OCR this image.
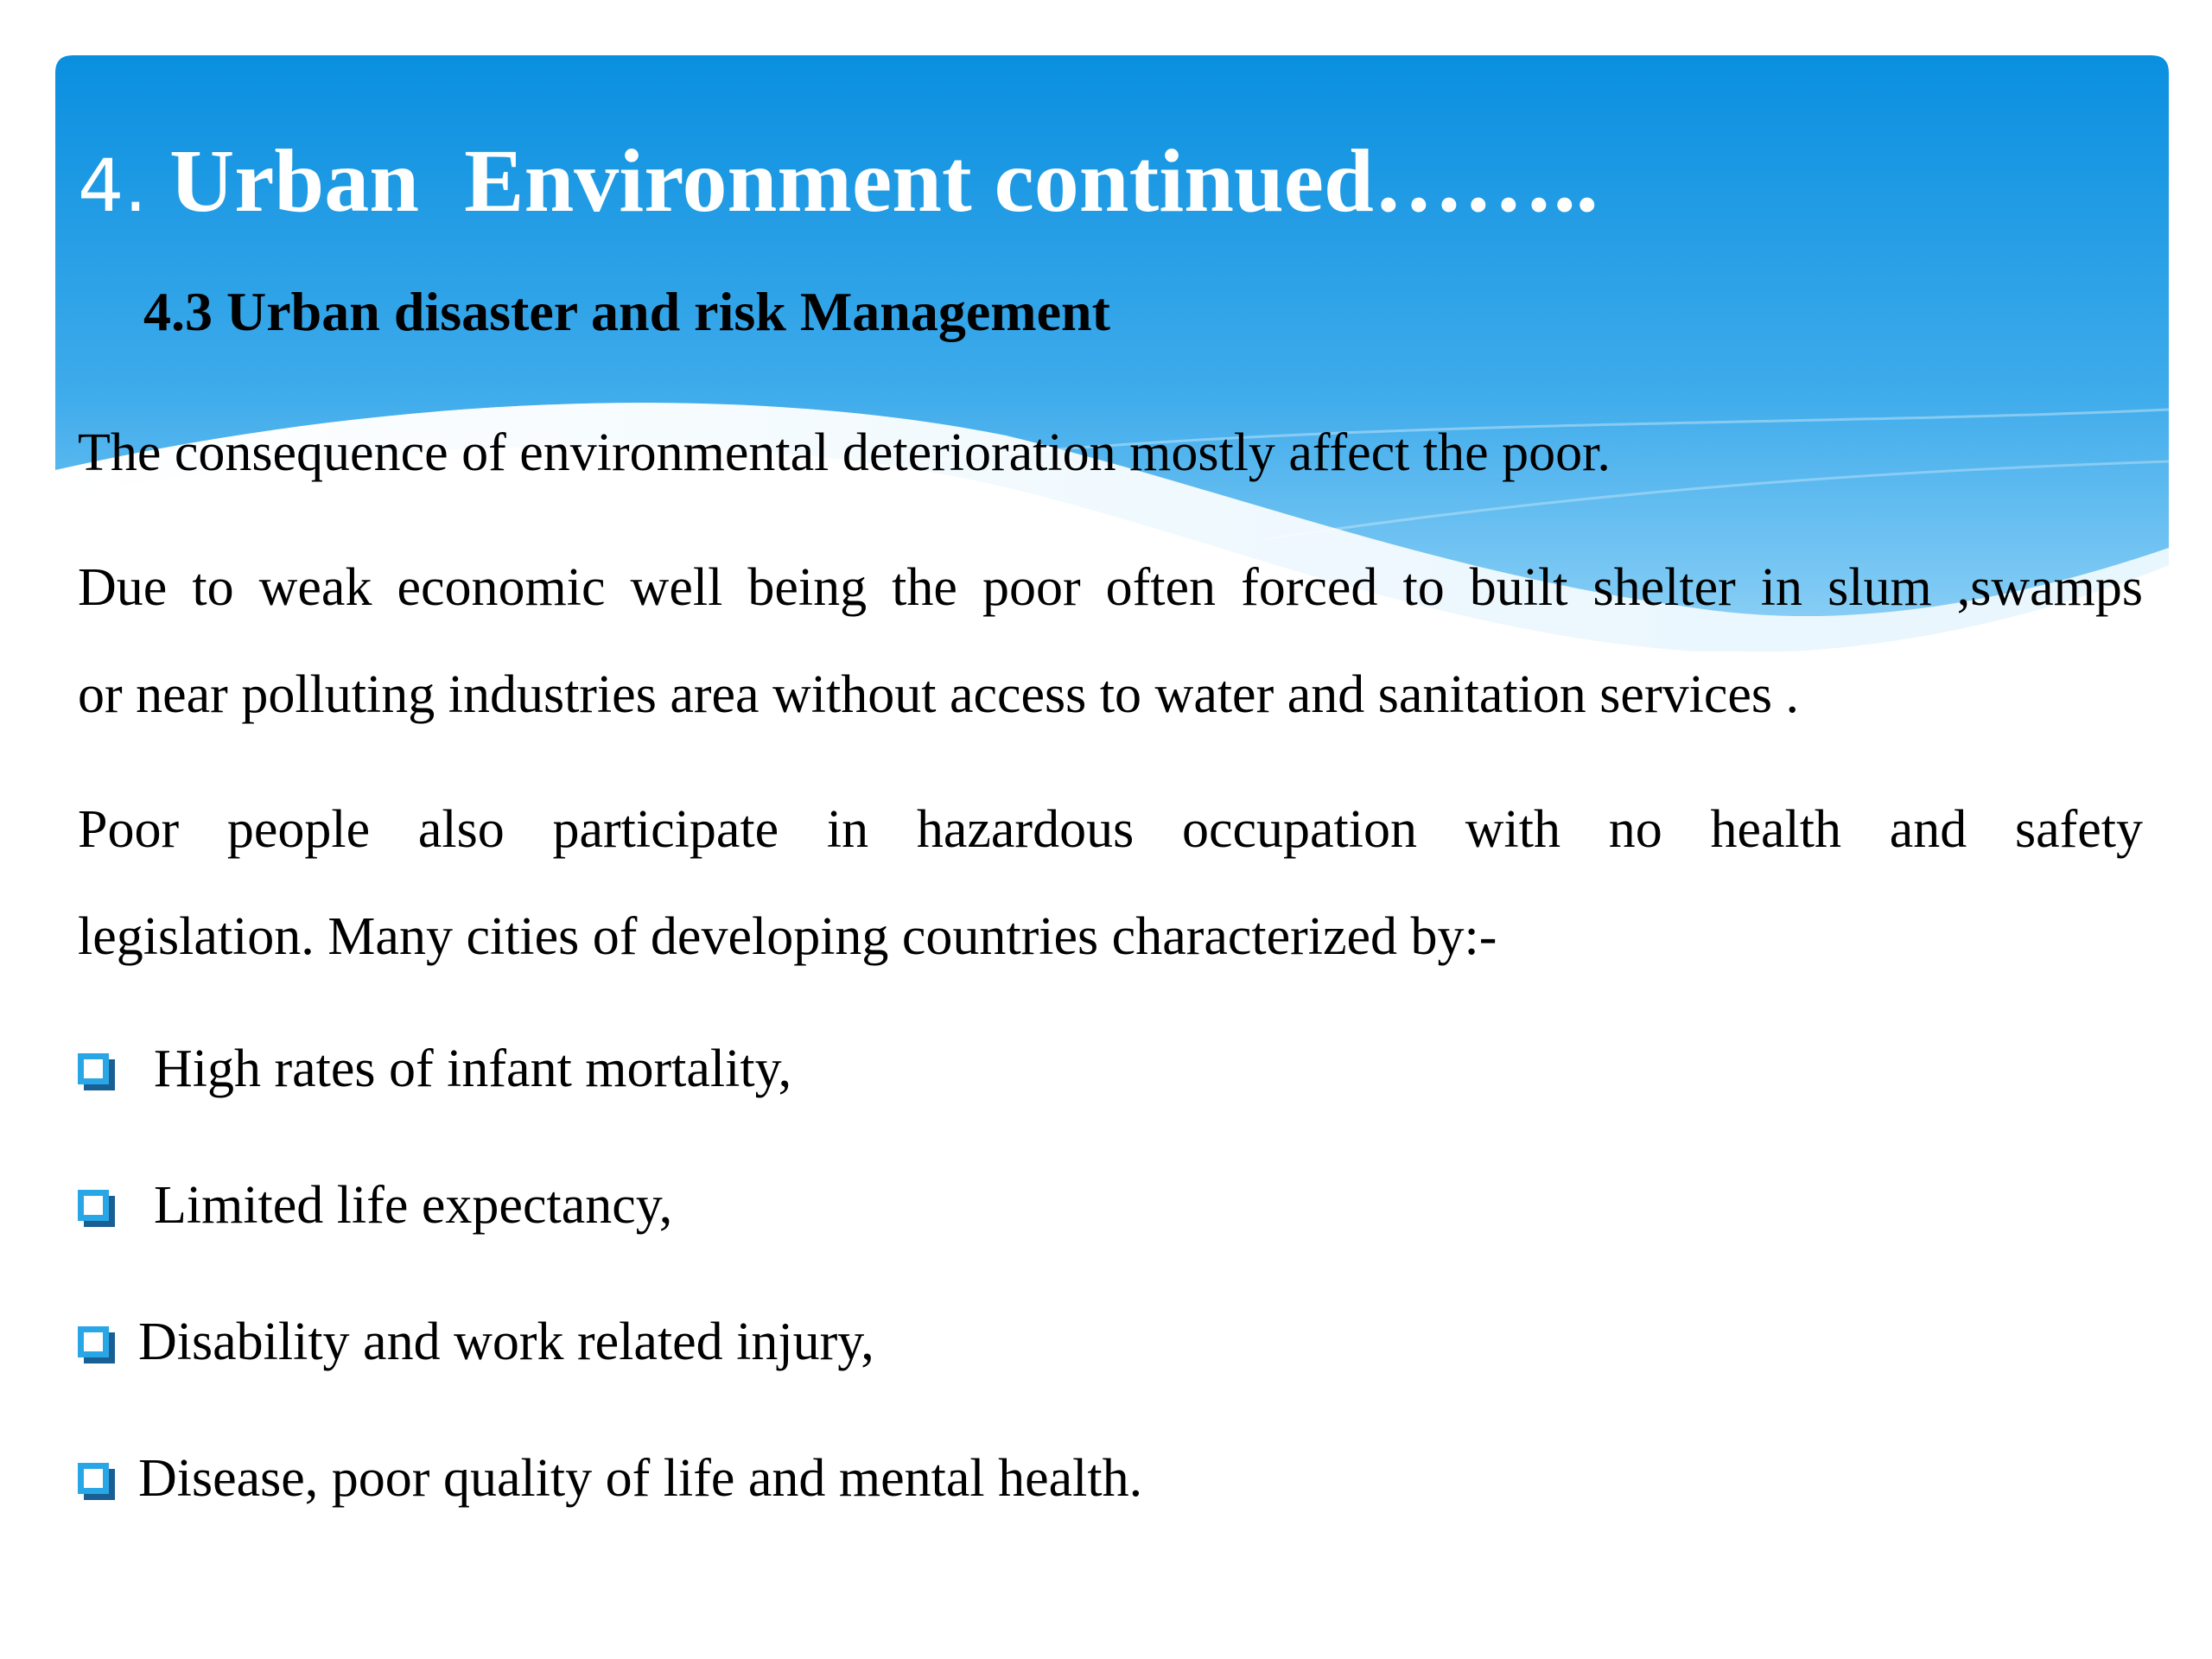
4. Urban  Environment continued……..

4.3 Urban disaster and risk Management

The consequence of environmental deterioration mostly affect the poor.

Due to weak economic well being the poor often forced to built shelter in slum ,swamps

or near polluting industries area without access to water and sanitation services .

Poor people also participate in hazardous occupation with no health and safety

legislation. Many cities of developing countries characterized by:-

High rates of infant mortality,
Limited life expectancy,
Disability and work related injury,
Disease, poor quality of life and mental health.
